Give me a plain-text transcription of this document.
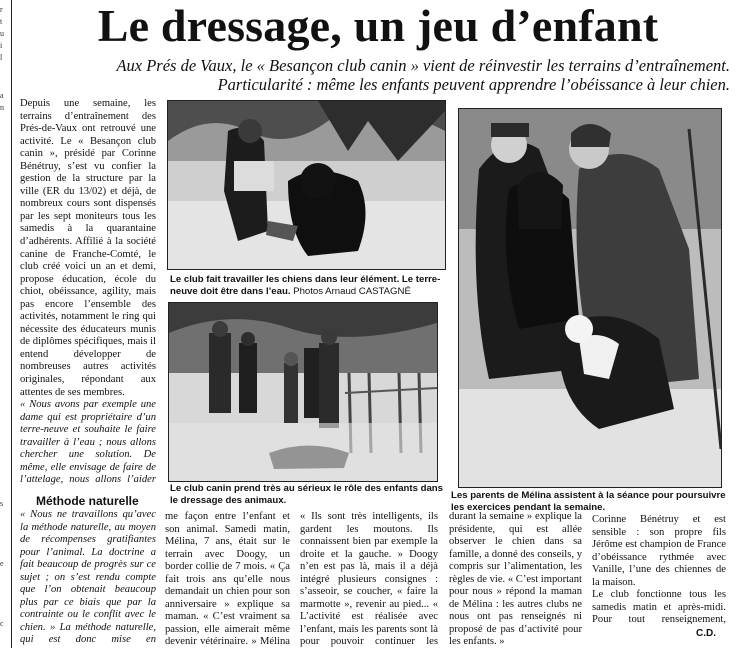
r
t
u
i
l
a
n
s
e
c
Le dressage, un jeu d’enfant
Aux Prés de Vaux, le « Besançon club canin » vient de réinvestir les terrains d’entraînement. Particularité : même les enfants peuvent apprendre l’obéissance à leur chien.

Depuis une semaine, les terrains d’entraînement des Prés-de-Vaux ont retrouvé une activité. Le « Besançon club canin », présidé par Corinne Bénétruy, s’est vu confier la gestion de la structure par la ville (ER du 13/02) et déjà, de nombreux cours sont dispensés par les sept moniteurs tous les samedis à la quarantaine d’adhérents. Affilié à la société canine de Franche-Comté, le club créé voici un an et demi, propose éducation, école du chiot, obéissance, agility, mais pas encore l’ensemble des activités, notamment le ring qui nécessite des éducateurs munis de diplômes spécifiques, mais il entend développer de nombreuses autres activités originales, répondant aux attentes de ses membres.

« Nous avons par exemple une dame qui est propriétaire d’un terre-neuve et souhaite le faire travailler à l’eau ; nous allons chercher une solution. De même, elle envisage de faire de l’attelage, nous allons l’aider

Méthode naturelle
« Nous ne travaillons qu’avec la méthode naturelle, au moyen de récompenses gratifiantes pour l’animal. La doctrine a fait beaucoup de progrès sur ce sujet ; on s’est rendu compte que l’on obtenait beaucoup plus par ce biais que par la contrainte ou le conflit avec le chien. » La méthode naturelle, qui est donc mise en
Le club fait travailler les chiens dans leur élément. Le terre-neuve doit être dans l’eau. Photos Arnaud CASTAGNÉ
Le club canin prend très au sérieux le rôle des enfants dans le dressage des animaux.	Les parents de Mélina assistent à la séance pour poursuivre les exercices pendant la semaine.
me façon entre l’enfant et son animal. Samedi matin, Mélina, 7 ans, était sur le terrain avec Doogy, un border collie de 7 mois. « Ça fait trois ans qu’elle nous demandait un chien pour son anniversaire » explique sa maman. « C’est vraiment sa passion, elle aimerait même devenir vétérinaire. » Mélina
« Ils sont très intelligents, ils gardent les moutons. Ils connaissent bien par exemple la droite et la gauche. » Doogy n’en est pas là, mais il a déjà intégré plusieurs consignes : s’asseoir, se coucher, « faire la marmotte », revenir au pied... « L’activité est réalisée avec l’enfant, mais les parents sont là pour pouvoir continuer les
durant la semaine » explique la présidente, qui est allée observer le chien dans sa famille, a donné des conseils, y compris sur l’alimentation, les règles de vie. « C’est important pour nous » répond la maman de Mélina : les autres clubs ne nous ont pas renseignés ni proposé de pas d’activité pour les enfants. »

Corinne Bénétruy et est sensible : son propre fils Jérôme est champion de France d’obéissance rythmée avec Vanille, l’une des chiennes de la maison.

Le club fonctionne tous les samedis matin et après-midi. Pour tout renseignement,

C.D.
